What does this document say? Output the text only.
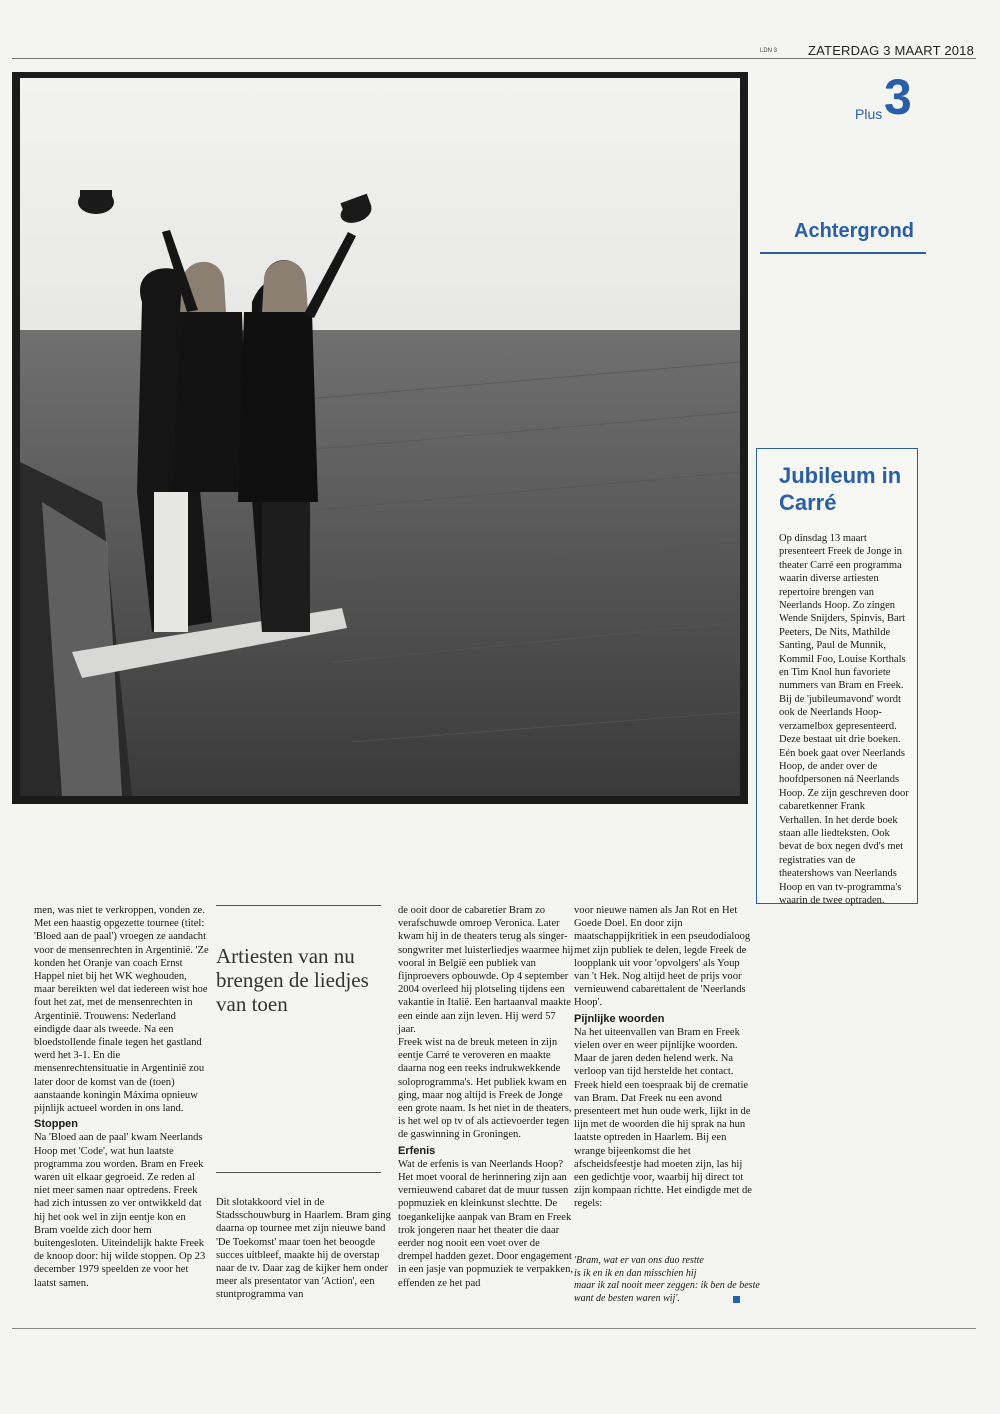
LDN 3 ZATERDAG 3 MAART 2018
Plus 3
Achtergrond
Jubileum in Carré

Op dinsdag 13 maart presenteert Freek de Jonge in theater Carré een programma waarin diverse artiesten repertoire brengen van Neerlands Hoop. Zo zingen Wende Snijders, Spinvis, Bart Peeters, De Nits, Mathilde Santing, Paul de Munnik, Kommil Foo, Louise Korthals en Tim Knol hun favoriete nummers van Bram en Freek. Bij de 'jubileumavond' wordt ook de Neerlands Hoop-verzamelbox gepresenteerd. Deze bestaat uit drie boeken. Eén boek gaat over Neerlands Hoop, de ander over de hoofdpersonen ná Neerlands Hoop. Ze zijn geschreven door cabaretkenner Frank Verhallen. In het derde boek staan alle liedteksten. Ook bevat de box negen dvd's met registraties van de theatershows van Neerlands Hoop en van tv-programma's waarin de twee optraden.

Artiesten van nu brengen de liedjes van toen

men, was niet te verkroppen, vonden ze. Met een haastig opgezette tournee (titel: 'Bloed aan de paal') vroegen ze aandacht voor de mensenrechten in Argentinië. 'Ze konden het Oranje van coach Ernst Happel niet bij het WK weghouden, maar bereikten wel dat iedereen wist hoe fout het zat, met de mensenrechten in Argentinië. Trouwens: Nederland eindigde daar als tweede. Na een bloedstollende finale tegen het gastland werd het 3-1. En die mensenrechtensituatie in Argentinië zou later door de komst van de (toen) aanstaande koningin Máxima opnieuw pijnlijk actueel worden in ons land.

Stoppen

Na 'Bloed aan de paal' kwam Neerlands Hoop met 'Code', wat hun laatste programma zou worden. Bram en Freek waren uit elkaar gegroeid. Ze reden al niet meer samen naar optredens. Freek had zich intussen zo ver ontwikkeld dat hij het ook wel in zijn eentje kon en Bram voelde zich door hem buitengesloten. Uiteindelijk hakte Freek de knoop door: hij wilde stoppen. Op 23 december 1979 speelden ze voor het laatst samen.

Dit slotakkoord viel in de Stadsschouwburg in Haarlem. Bram ging daarna op tournee met zijn nieuwe band 'De Toekomst' maar toen het beoogde succes uitbleef, maakte hij de overstap naar de tv. Daar zag de kijker hem onder meer als presentator van 'Action', een stuntprogramma van

de ooit door de cabaretier Bram zo verafschuwde omroep Veronica. Later kwam hij in de theaters terug als singer-songwriter met luisterliedjes waarmee hij vooral in België een publiek van fijnproevers opbouwde. Op 4 september 2004 overleed hij plotseling tijdens een vakantie in Italië. Een hartaanval maakte een einde aan zijn leven. Hij werd 57 jaar.

Freek wist na de breuk meteen in zijn eentje Carré te veroveren en maakte daarna nog een reeks indrukwekkende soloprogramma's. Het publiek kwam en ging, maar nog altijd is Freek de Jonge een grote naam. Is het niet in de theaters, is het wel op tv of als actievoerder tegen de gaswinning in Groningen.

Erfenis

Wat de erfenis is van Neerlands Hoop? Het moet vooral de herinnering zijn aan vernieuwend cabaret dat de muur tussen popmuziek en kleinkunst slechtte. De toegankelijke aanpak van Bram en Freek trok jongeren naar het theater die daar eerder nog nooit een voet over de drempel hadden gezet. Door engagement in een jasje van popmuziek te verpakken, effenden ze het pad

voor nieuwe namen als Jan Rot en Het Goede Doel. En door zijn maatschappijkritiek in een pseudodialoog met zijn publiek te delen, legde Freek de loopplank uit voor 'opvolgers' als Youp van 't Hek. Nog altijd heet de prijs voor vernieuwend cabarettalent de 'Neerlands Hoop'.

Pijnlijke woorden

Na het uiteenvallen van Bram en Freek vielen over en weer pijnlijke woorden. Maar de jaren deden helend werk. Na verloop van tijd herstelde het contact. Freek hield een toespraak bij de crematie van Bram. Dat Freek nu een avond presenteert met hun oude werk, lijkt in de lijn met de woorden die hij sprak na hun laatste optreden in Haarlem. Bij een wrange bijeenkomst die het afscheidsfeestje had moeten zijn, las hij een gedichtje voor, waarbij hij direct tot zijn kompaan richtte. Het eindigde met de regels:

'Bram, wat er van ons duo restte

is ik en ik en dan misschien hij

maar ik zal nooit meer zeggen: ik ben de beste

want de besten waren wij'.
